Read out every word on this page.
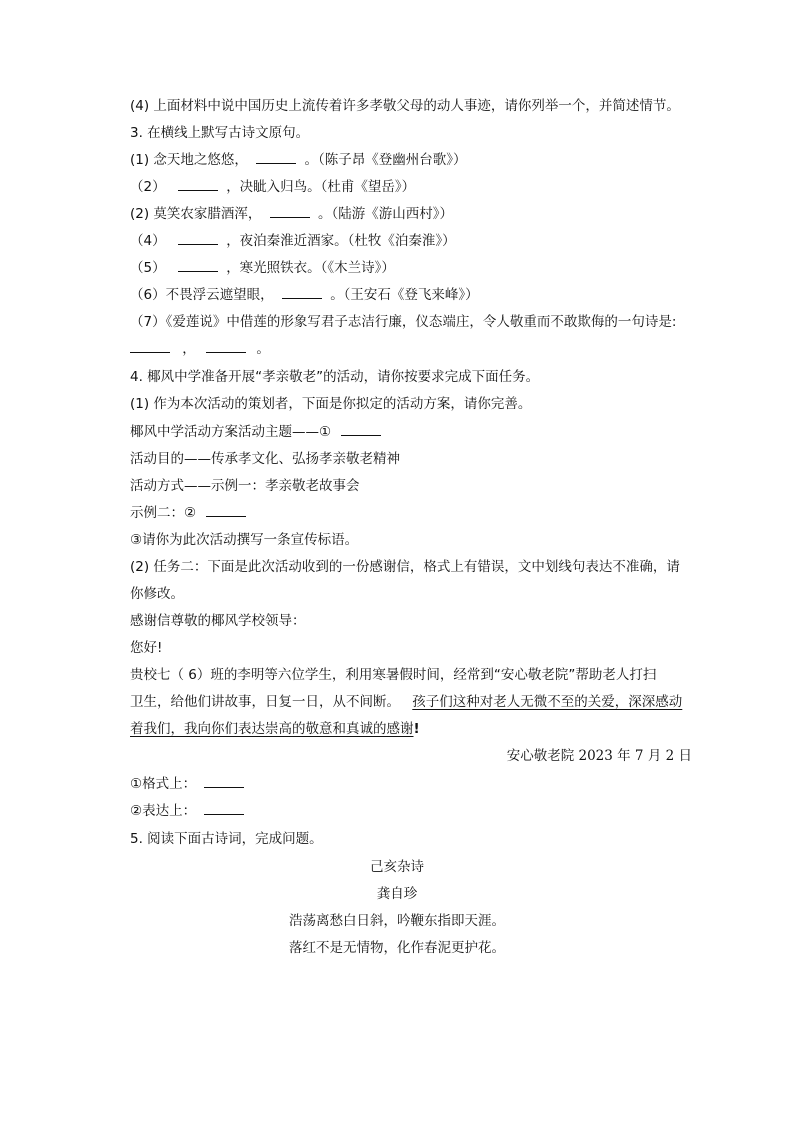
(4) 上面材料中说中国历史上流传着许多孝敬父母的动人事迹，请你列举一个，并简述情节。
3. 在横线上默写古诗文原句。
(1) 念天地之悠悠，	。（陈子昂《登幽州台歌》）
（2）	，决眦入归鸟。（杜甫《望岳》）
(2) 莫笑农家腊酒浑，	。（陆游《游山西村》）
（4）	，夜泊秦淮近酒家。（杜牧《泊秦淮》）
（5）	，寒光照铁衣。（《木兰诗》）
（6）不畏浮云遮望眼，	。（王安石《登飞来峰》）
（7）《爱莲说》中借莲的形象写君子志洁行廉，仪态端庄，令人敬重而不敢欺侮的一句诗是:
，	。
4. 椰风中学准备开展“孝亲敬老”的活动，请你按要求完成下面任务。
(1) 作为本次活动的策划者，下面是你拟定的活动方案，请你完善。
椰风中学活动方案活动主题——①
活动目的——传承孝文化、弘扬孝亲敬老精神
活动方式——示例一：孝亲敬老故事会
示例二：②
③请你为此次活动撰写一条宣传标语。
(2) 任务二：下面是此次活动收到的一份感谢信，格式上有错误，文中划线句表达不准确，请
你修改。
感谢信尊敬的椰风学校领导：
您好!
贵校七（ 6）班的李明等六位学生，利用寒暑假时间，经常到“安心敬老院”帮助老人打扫
卫生，给他们讲故事，日复一日，从不间断。 孩子们这种对老人无微不至的关爱，深深感动
着我们，我向你们表达崇高的敬意和真诚的感谢!
安心敬老院 2023 年 7 月 2 日
①格式上：
②表达上：
5. 阅读下面古诗词，完成问题。
己亥杂诗
龚自珍
浩荡离愁白日斜，吟鞭东指即天涯。
落红不是无情物，化作春泥更护花。
